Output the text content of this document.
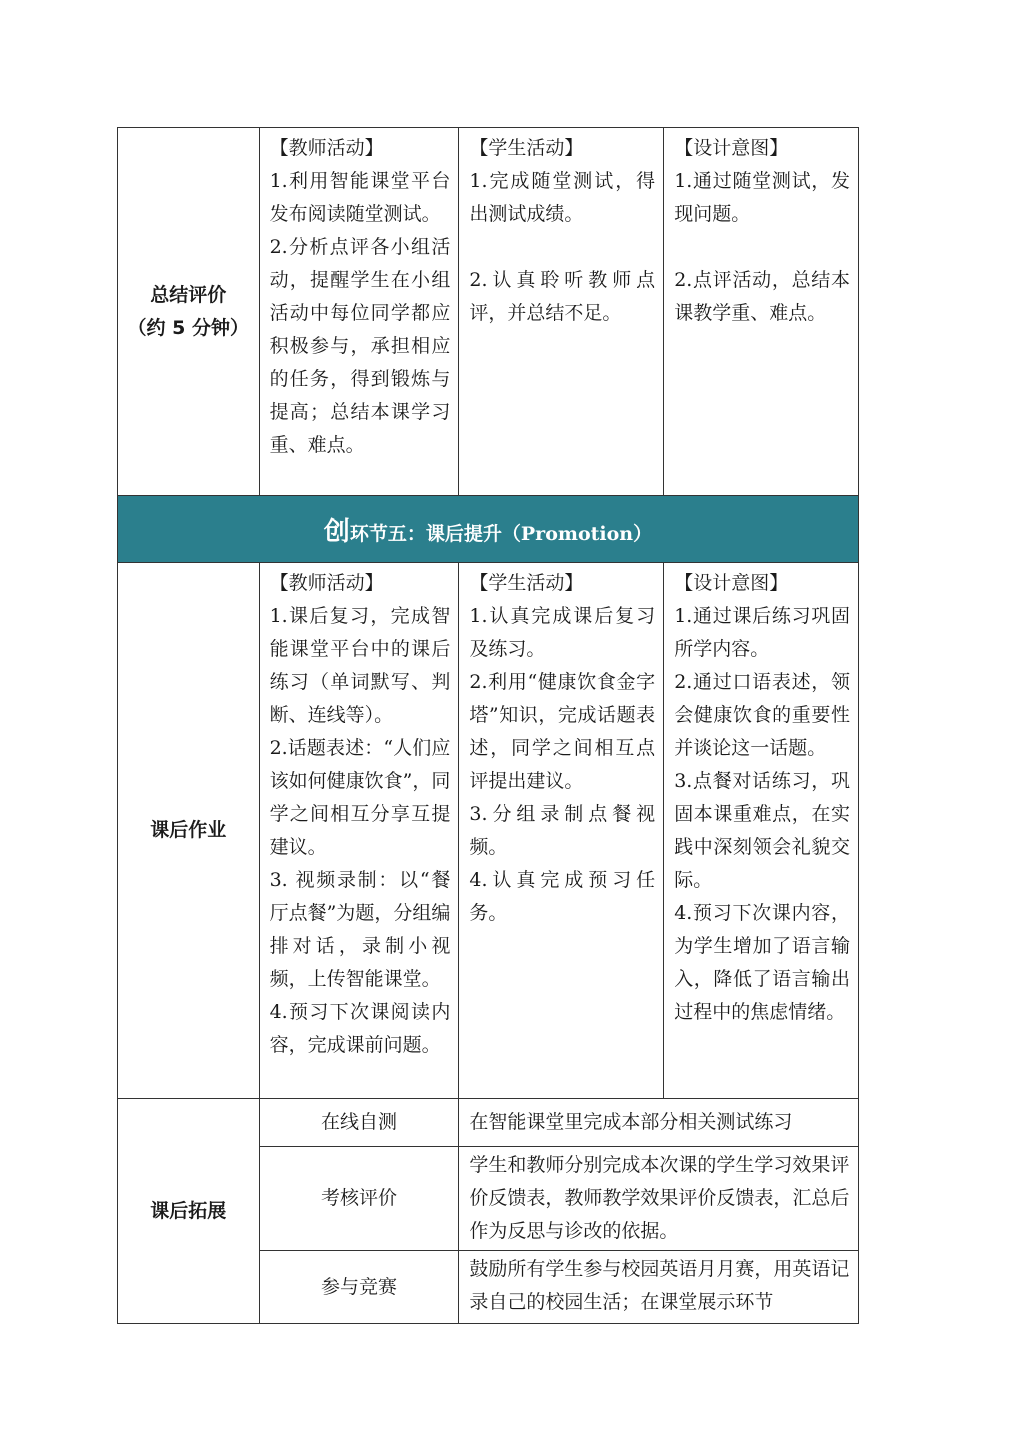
总结评价
（约 5 分钟）	【教师活动】
1.利用智能课堂平台发布阅读随堂测试。
2.分析点评各小组活动，提醒学生在小组活动中每位同学都应积极参与，承担相应的任务，得到锻炼与提高；总结本课学习重、难点。	【学生活动】
1.完成随堂测试，得出测试成绩。
2.认真聆听教师点评，并总结不足。	【设计意图】
1.通过随堂测试，发现问题。
2.点评活动，总结本课教学重、难点。

创环节五：课后提升（Promotion）			
课后作业	【教师活动】
1.课后复习，完成智能课堂平台中的课后练习（单词默写、判断、连线等）。
2.话题表述：“人们应该如何健康饮食”，同学之间相互分享互提建议。
3. 视频录制：以“餐厅点餐”为题，分组编排对话，录制小视频，上传智能课堂。
4.预习下次课阅读内容，完成课前问题。	【学生活动】
1.认真完成课后复习及练习。
2.利用“健康饮食金字塔”知识，完成话题表述，同学之间相互点评提出建议。
3.分组录制点餐视频。
4.认真完成预习任务。	【设计意图】
1.通过课后练习巩固所学内容。
2.通过口语表述，领会健康饮食的重要性并谈论这一话题。
3.点餐对话练习，巩固本课重难点，在实践中深刻领会礼貌交际。
4.预习下次课内容，为学生增加了语言输入，降低了语言输出过程中的焦虑情绪。

课后拓展	在线自测	在智能课堂里完成本部分相关测试练习	
	考核评价	学生和教师分别完成本次课的学生学习效果评价反馈表，教师教学效果评价反馈表，汇总后作为反思与诊改的依据。	
	参与竞赛	鼓励所有学生参与校园英语月月赛，用英语记录自己的校园生活；在课堂展示环节	
